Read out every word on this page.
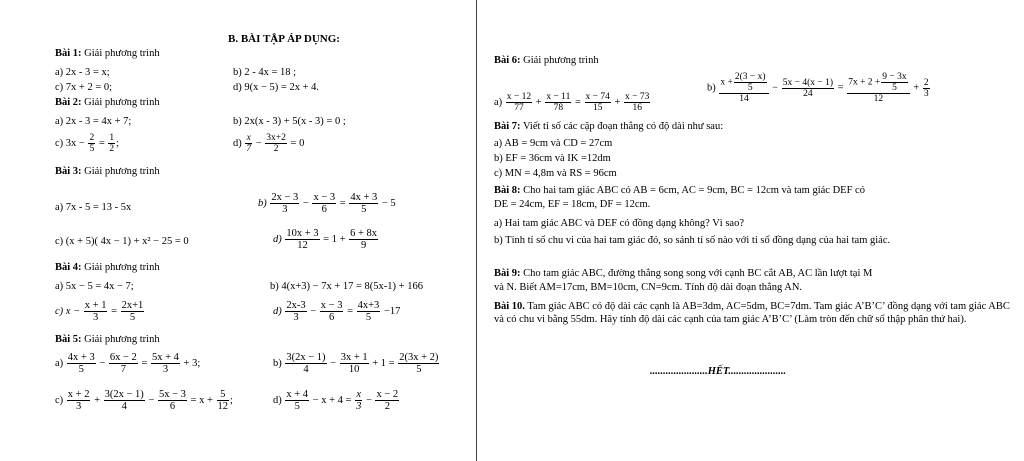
B. BÀI TẬP ÁP DỤNG:
Bài 1: Giải phương trình
a) 2x - 3 = x;	b) 2 - 4x = 18 ;
c) 7x + 2 = 0;	d) 9(x − 5) = 2x + 4.
Bài 2: Giải phương trình
a) 2x - 3 = 4x + 7;	b) 2x(x - 3) + 5(x - 3) = 0 ;
c) $3x - \frac{2}{5} = \frac{1}{2}$ ;	$d) \frac{x}{7} - \frac{3x+2}{2} = 0$
Bài 3: Giải phương trình
a) 7x - 5 = 13 - 5x	$b) \frac{2x - 3}{3} - \frac{x - 3}{6} = \frac{4x + 3}{5} - 5$
c) (x + 5)( 4x − 1) + x² − 25 = 0	$d) \frac{10x + 3}{12} = 1 + \frac{6 + 8x}{9}$
Bài 4: Giải phương trình
a) 5x − 5 = 4x − 7;	b) 4(x+3) − 7x + 17 = 8(5x-1) + 166
c) $x - \frac{x + 1}{3} = \frac{2x+1}{5}$	$d) \frac{2x-3}{3} - \frac{x - 3}{6} = \frac{4x+3}{5} -17$
Bài 5: Giải phương trình
$a) \frac{4x + 3}{5} - \frac{6x - 2}{7} = \frac{5x + 4}{3} + 3$;	$b) \frac{3(2x - 1)}{4} - \frac{3x + 1}{10} + 1 = \frac{2(3x + 2)}{5}$
$c) \frac{x + 2}{3} + \frac{3(2x - 1)}{4} - \frac{5x - 3}{6} = x + \frac{5}{12}$ ;	$d) \frac{x + 4}{5} - x + 4 = \frac{x}{3} - \frac{x - 2}{2}$
Bài 6: Giải phương trình
$a) \frac{x - 12}{77} + \frac{x - 11}{78} = \frac{x - 74}{15} + \frac{x - 73}{16}$
$b) \frac{x + \frac{2(3 - x)}{5}}{14} - \frac{5x - 4(x - 1)}{24} = \frac{7x + 2 + \frac{9 - 3x}{5}}{12} + \frac{2}{3}$
Bài 7: Viết tỉ số các cặp đoạn thẳng có độ dài như sau:
a) AB = 9cm và CD = 27cm
b) EF = 36cm và IK =12dm
c) MN = 4,8m và RS = 96cm
Bài 8: Cho hai tam giác ABC có AB = 6cm, AC = 9cm, BC = 12cm và tam giác DEF có
DE = 24cm, EF = 18cm, DF = 12cm.
a) Hai tam giác ABC và DEF có đồng dạng không? Vì sao?
b) Tính tỉ số chu vi của hai tam giác đó, so sánh tỉ số nào với tỉ số đồng dạng của hai tam giác.
Bài 9: Cho tam giác ABC, đường thẳng song song với cạnh BC cắt AB, AC lần lượt tại M
và N. Biết AM=17cm, BM=10cm, CN=9cm. Tính độ dài đoạn thẳng AN.
Bài 10. Tam giác ABC có độ dài các cạnh là AB=3dm, AC=5dm, BC=7dm. Tam giác A’B’C’ đồng dạng với tam giác ABC và có chu vi bằng 55dm. Hãy tính độ dài các cạnh của tam giác A’B’C’ (Làm tròn đến chữ số thập phân thứ hai).
......................HẾT......................
